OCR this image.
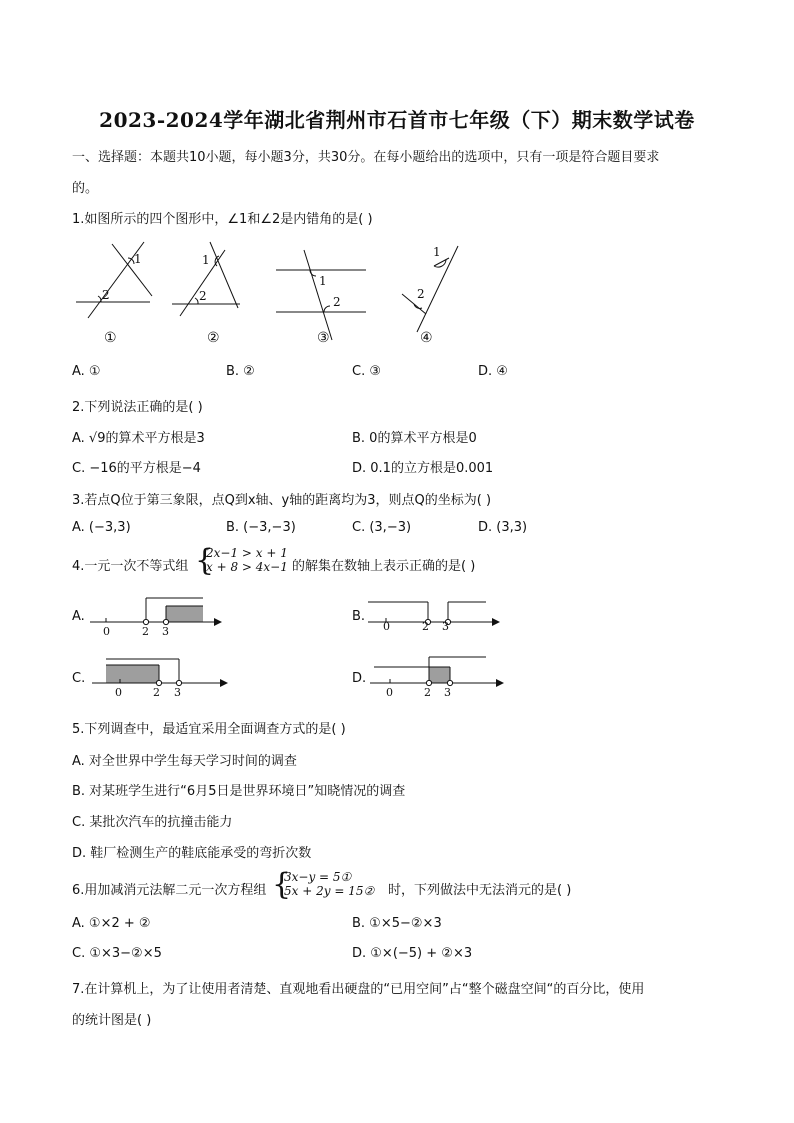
2023-2024学年湖北省荆州市石首市七年级（下）期末数学试卷
一、选择题：本题共10小题，每小题3分，共30分。在每小题给出的选项中，只有一项是符合题目要求
的。
1.如图所示的四个图形中，∠1和∠2是内错角的是( )
1
2
1
2
1
2
1
2
①	②	③	④
A. ①	B. ②	C. ③	D. ④
2.下列说法正确的是( )
A. √9的算术平方根是3	B. 0的算术平方根是0
C. −16的平方根是−4	D. 0.1的立方根是0.001
3.若点Q位于第三象限，点Q到x轴、y轴的距离均为3，则点Q的坐标为( )
A. (−3,3)	B. (−3,−3)	C. (3,−3)	D. (3,3)
4.一元一次不等式组 {
2x−1 > x + 1
x + 8 > 4x−1 的解集在数轴上表示正确的是( )
A.	B.
C.	D.
0	2 3	0	2 3
0	2 3	0	2 3
5.下列调查中，最适宜采用全面调查方式的是( )
A. 对全世界中学生每天学习时间的调查
B. 对某班学生进行“6月5日是世界环境日”知晓情况的调查
C. 某批次汽车的抗撞击能力
D. 鞋厂检测生产的鞋底能承受的弯折次数
6.用加减消元法解二元一次方程组 {
3x−y = 5①
5x + 2y = 15② 时，下列做法中无法消元的是( )
A. ①×2 + ②	B. ①×5−②×3
C. ①×3−②×5	D. ①×(−5) + ②×3
7.在计算机上，为了让使用者清楚、直观地看出硬盘的“已用空间”占“整个磁盘空间“的百分比，使用
的统计图是( )
